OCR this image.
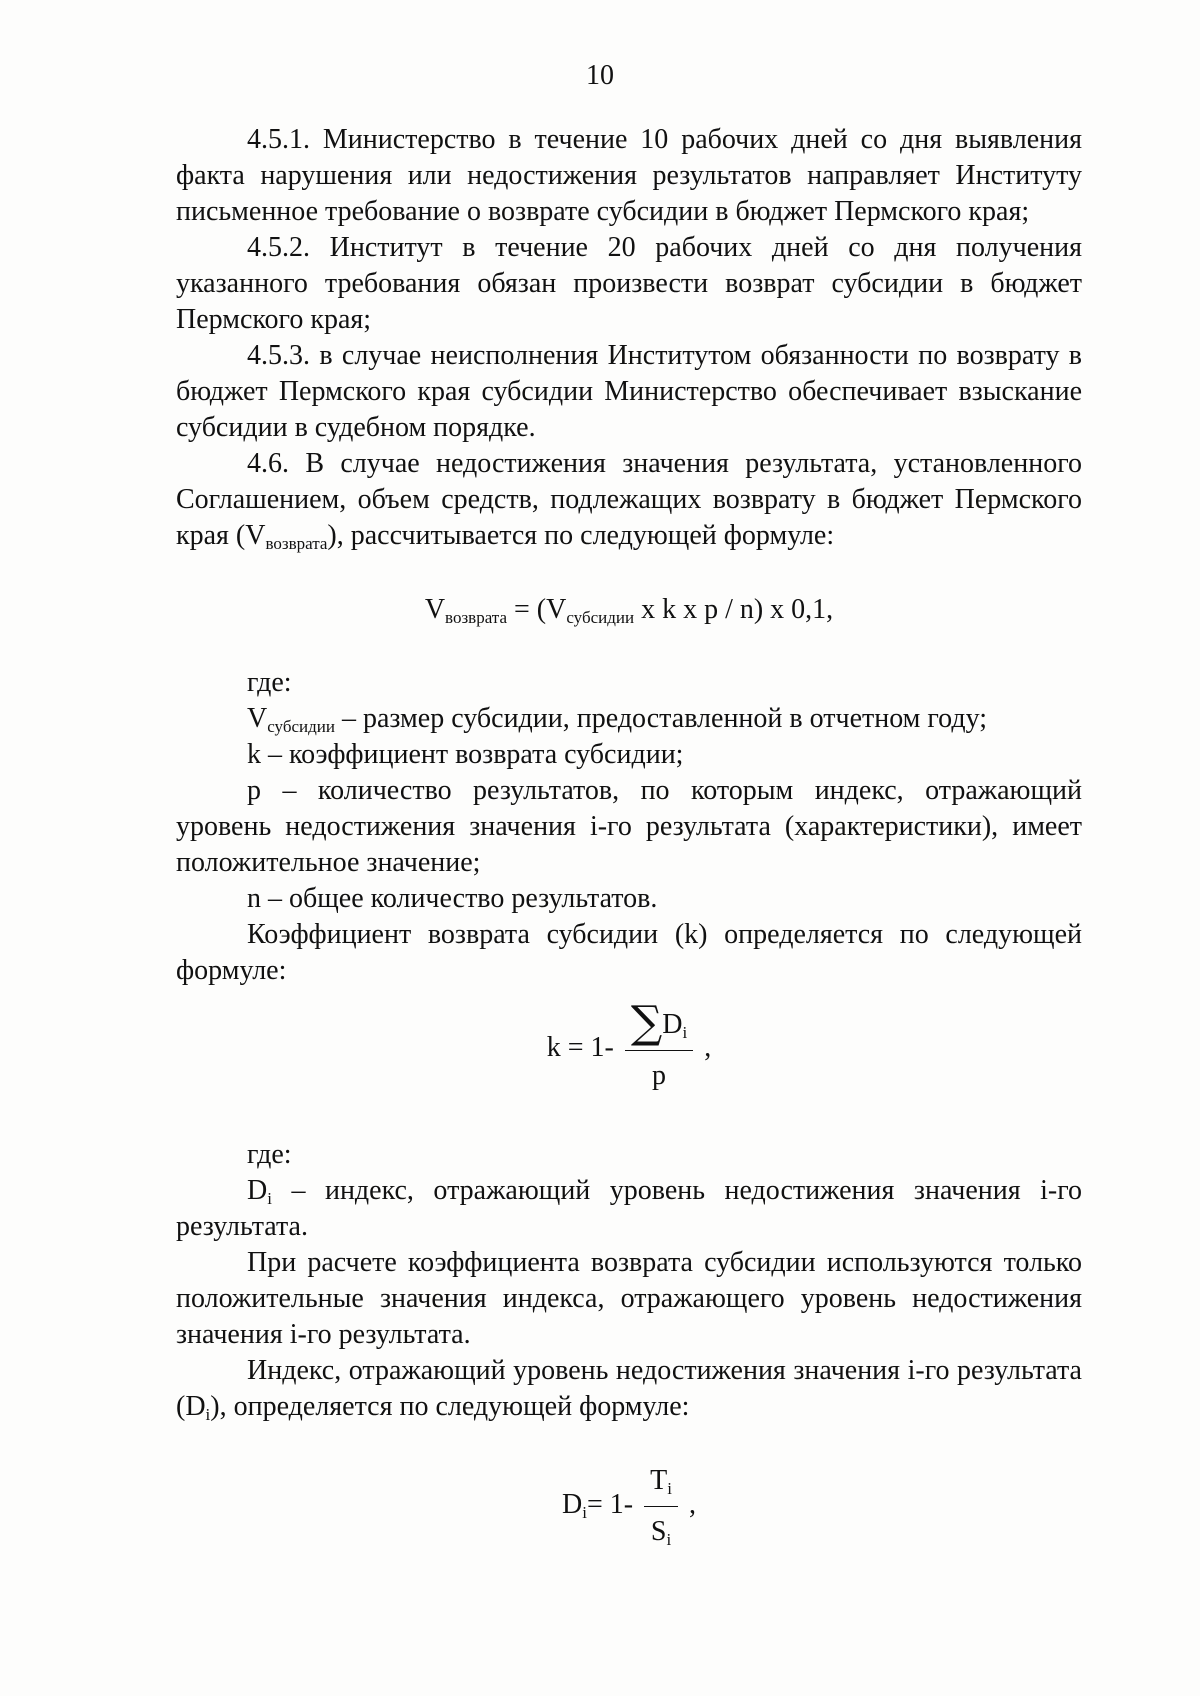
10

4.5.1. Министерство в течение 10 рабочих дней со дня выявления факта нарушения или недостижения результатов направляет Институту письменное требование о возврате субсидии в бюджет Пермского края;

4.5.2. Институт в течение 20 рабочих дней со дня получения указанного требования обязан произвести возврат субсидии в бюджет Пермского края;

4.5.3. в случае неисполнения Институтом обязанности по возврату в бюджет Пермского края субсидии Министерство обеспечивает взыскание субсидии в судебном порядке.

4.6. В случае недостижения значения результата, установленного Соглашением, объем средств, подлежащих возврату в бюджет Пермского края $(V_{возврата})$, рассчитывается по следующей формуле:

$V_{возврата} = (V_{субсидии}$ x k x p / n) x 0,1,

где:

$V_{субсидии}$ – размер субсидии, предоставленной в отчетном году;

k – коэффициент возврата субсидии;

p – количество результатов, по которым индекс, отражающий уровень недостижения значения i-го результата (характеристики), имеет положительное значение;

n – общее количество результатов.

Коэффициент возврата субсидии (k) определяется по следующей формуле:

$k = 1- \frac{\sum D_i}{p}$ ,

где:

$D_i$ – индекс, отражающий уровень недостижения значения i-го результата.

При расчете коэффициента возврата субсидии используются только положительные значения индекса, отражающего уровень недостижения значения i-го результата.

Индекс, отражающий уровень недостижения значения i-го результата $(D_i)$, определяется по следующей формуле:

$D_i= 1- \frac{T_i}{S_i}$ ,
